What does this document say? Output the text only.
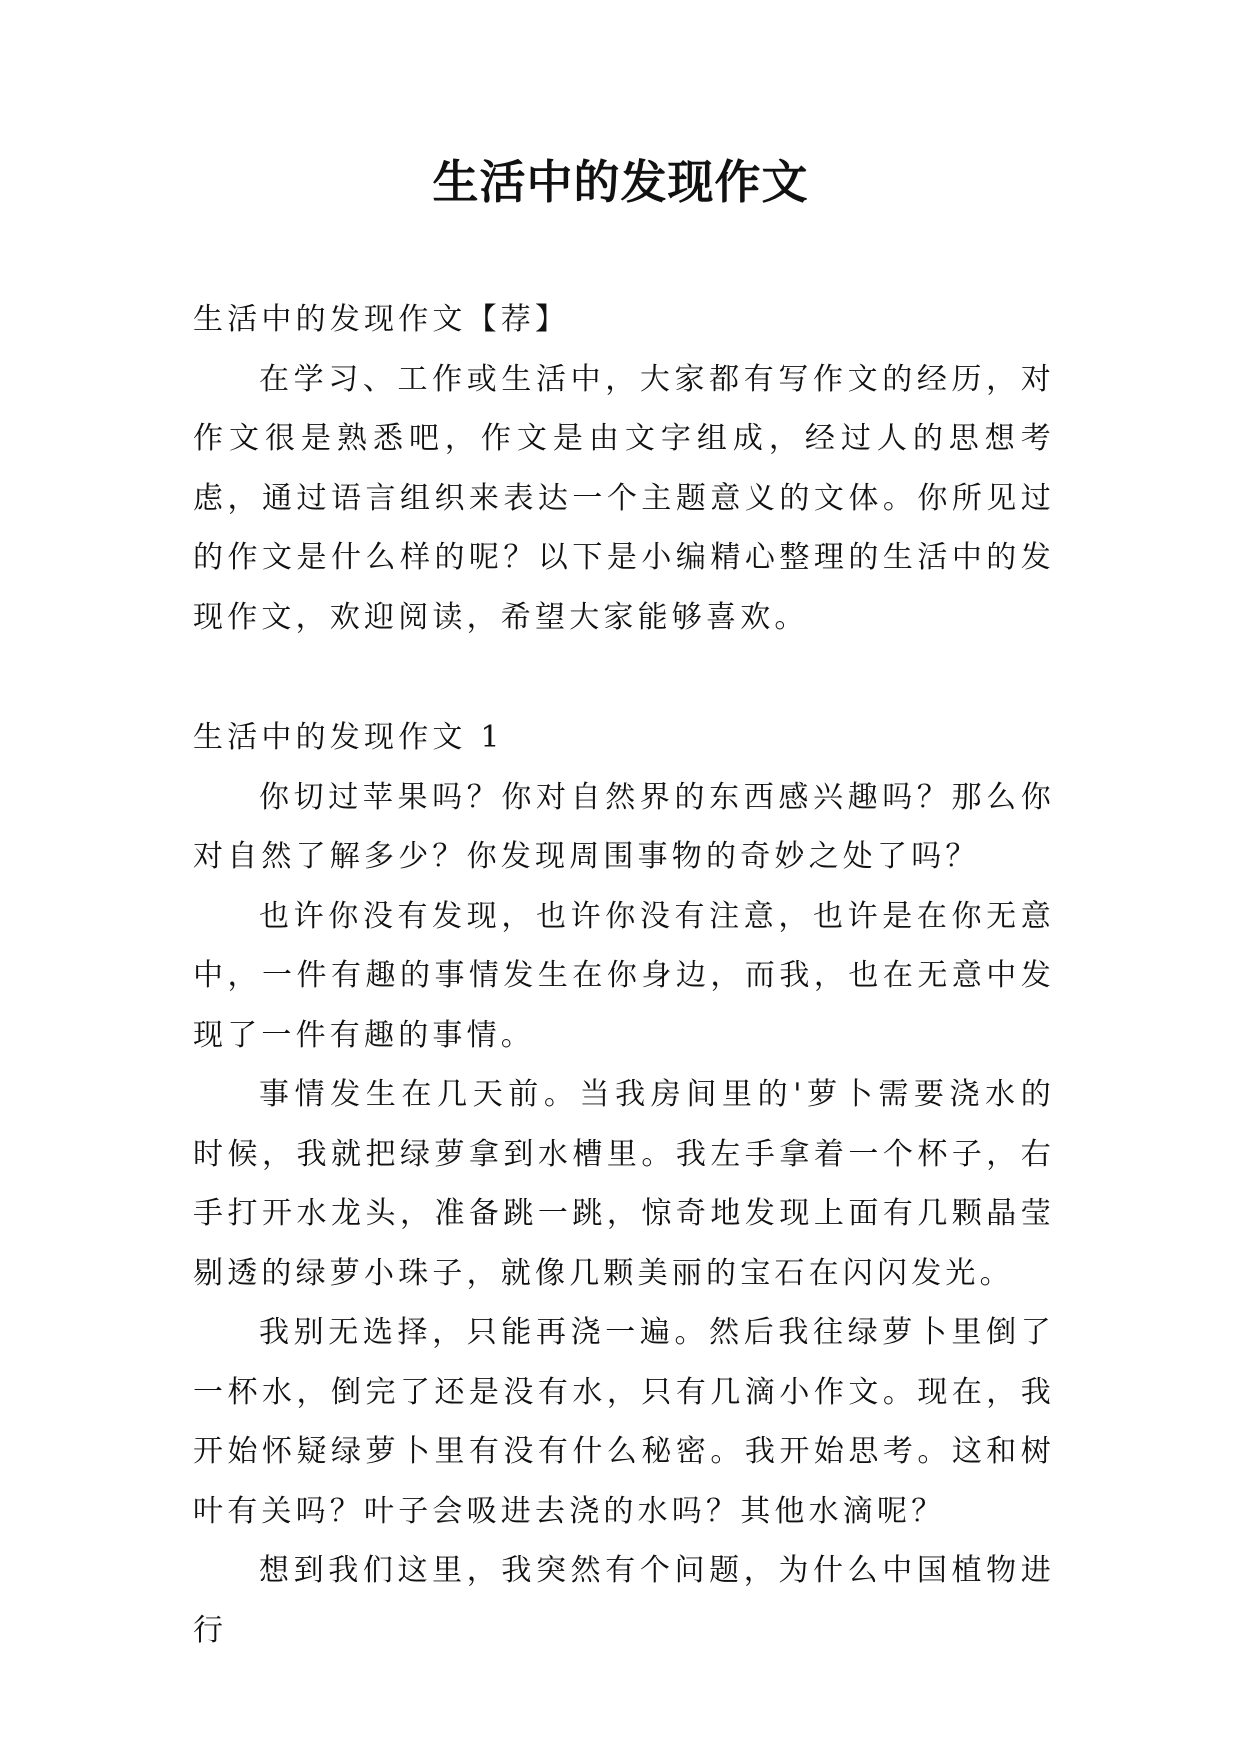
生活中的发现作文

生活中的发现作文【荐】

在学习、工作或生活中，大家都有写作文的经历，对作文很是熟悉吧，作文是由文字组成，经过人的思想考虑，通过语言组织来表达一个主题意义的文体。你所见过的作文是什么样的呢？以下是小编精心整理的生活中的发现作文，欢迎阅读，希望大家能够喜欢。

生活中的发现作文 1

你切过苹果吗？你对自然界的东西感兴趣吗？那么你对自然了解多少？你发现周围事物的奇妙之处了吗？

也许你没有发现，也许你没有注意，也许是在你无意中，一件有趣的事情发生在你身边，而我，也在无意中发现了一件有趣的事情。

事情发生在几天前。当我房间里的'萝卜需要浇水的时候，我就把绿萝拿到水槽里。我左手拿着一个杯子，右手打开水龙头，准备跳一跳，惊奇地发现上面有几颗晶莹剔透的绿萝小珠子，就像几颗美丽的宝石在闪闪发光。

我别无选择，只能再浇一遍。然后我往绿萝卜里倒了一杯水，倒完了还是没有水，只有几滴小作文。现在，我开始怀疑绿萝卜里有没有什么秘密。我开始思考。这和树叶有关吗？叶子会吸进去浇的水吗？其他水滴呢？

想到我们这里，我突然有个问题，为什么中国植物进行
